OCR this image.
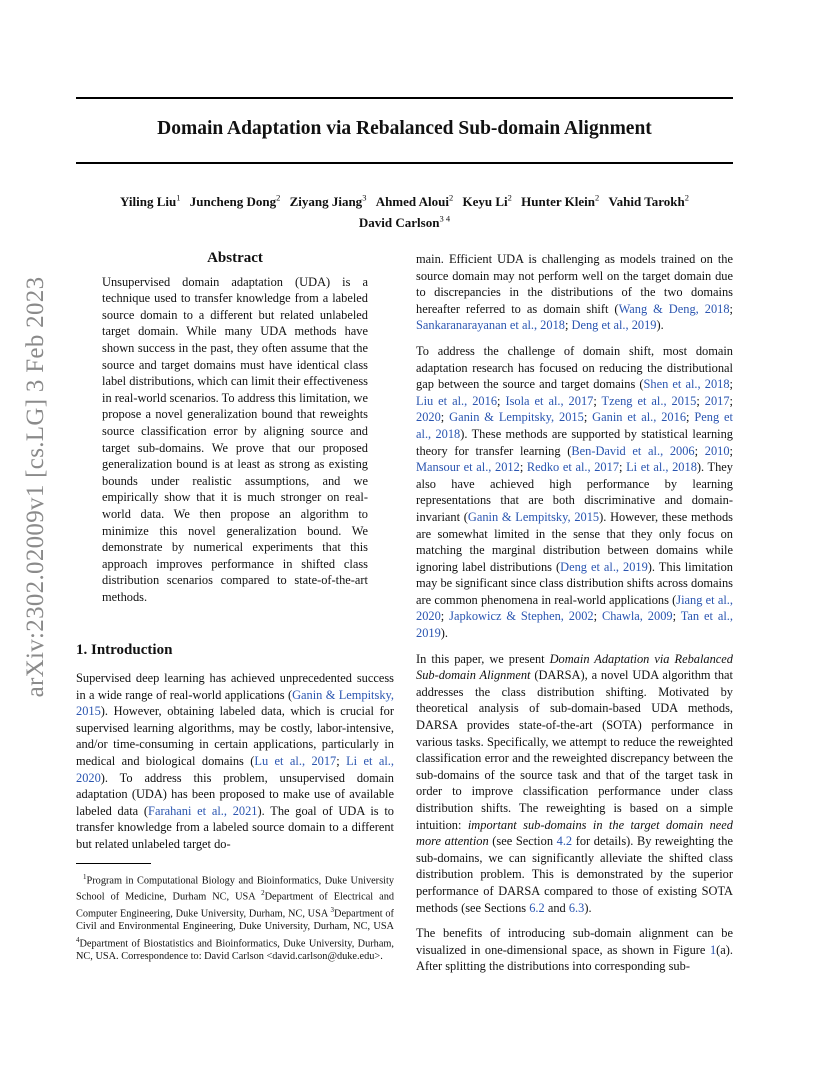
Domain Adaptation via Rebalanced Sub-domain Alignment
Yiling Liu$^1$ Juncheng Dong$^2$ Ziyang Jiang$^3$ Ahmed Aloui$^2$ Keyu Li$^2$ Hunter Klein$^2$ Vahid Tarokh$^2$
David Carlson$^{3 4}$
arXiv:2302.02009v1 [cs.LG] 3 Feb 2023
Abstract
Unsupervised domain adaptation (UDA) is a technique used to transfer knowledge from a labeled source domain to a different but related unlabeled target domain. While many UDA methods have shown success in the past, they often assume that the source and target domains must have identical class label distributions, which can limit their effectiveness in real-world scenarios. To address this limitation, we propose a novel generalization bound that reweights source classification error by aligning source and target sub-domains. We prove that our proposed generalization bound is at least as strong as existing bounds under realistic assumptions, and we empirically show that it is much stronger on real-world data. We then propose an algorithm to minimize this novel generalization bound. We demonstrate by numerical experiments that this approach improves performance in shifted class distribution scenarios compared to state-of-the-art methods.
1. Introduction

Supervised deep learning has achieved unprecedented success in a wide range of real-world applications (Ganin & Lempitsky, 2015). However, obtaining labeled data, which is crucial for supervised learning algorithms, may be costly, labor-intensive, and/or time-consuming in certain applications, particularly in medical and biological domains (Lu et al., 2017; Li et al., 2020). To address this problem, unsupervised domain adaptation (UDA) has been proposed to make use of available labeled data (Farahani et al., 2021). The goal of UDA is to transfer knowledge from a labeled source domain to a different but related unlabeled target do-

$^1$Program in Computational Biology and Bioinformatics, Duke University School of Medicine, Durham NC, USA $^2$Department of Electrical and Computer Engineering, Duke University, Durham, NC, USA $^3$Department of Civil and Environmental Engineering, Duke University, Durham, NC, USA $^4$Department of Biostatistics and Bioinformatics, Duke University, Durham, NC, USA. Correspondence to: David Carlson <david.carlson@duke.edu>.

main. Efficient UDA is challenging as models trained on the source domain may not perform well on the target domain due to discrepancies in the distributions of the two domains hereafter referred to as domain shift (Wang & Deng, 2018; Sankaranarayanan et al., 2018; Deng et al., 2019).

To address the challenge of domain shift, most domain adaptation research has focused on reducing the distributional gap between the source and target domains (Shen et al., 2018; Liu et al., 2016; Isola et al., 2017; Tzeng et al., 2015; 2017; 2020; Ganin & Lempitsky, 2015; Ganin et al., 2016; Peng et al., 2018). These methods are supported by statistical learning theory for transfer learning (Ben-David et al., 2006; 2010; Mansour et al., 2012; Redko et al., 2017; Li et al., 2018). They also have achieved high performance by learning representations that are both discriminative and domain-invariant (Ganin & Lempitsky, 2015). However, these methods are somewhat limited in the sense that they only focus on matching the marginal distribution between domains while ignoring label distributions (Deng et al., 2019). This limitation may be significant since class distribution shifts across domains are common phenomena in real-world applications (Jiang et al., 2020; Japkowicz & Stephen, 2002; Chawla, 2009; Tan et al., 2019).

In this paper, we present Domain Adaptation via Rebalanced Sub-domain Alignment (DARSA), a novel UDA algorithm that addresses the class distribution shifting. Motivated by theoretical analysis of sub-domain-based UDA methods, DARSA provides state-of-the-art (SOTA) performance in various tasks. Specifically, we attempt to reduce the reweighted classification error and the reweighted discrepancy between the sub-domains of the source task and that of the target task in order to improve classification performance under class distribution shifts. The reweighting is based on a simple intuition: important sub-domains in the target domain need more attention (see Section 4.2 for details). By reweighting the sub-domains, we can significantly alleviate the shifted class distribution problem. This is demonstrated by the superior performance of DARSA compared to those of existing SOTA methods (see Sections 6.2 and 6.3).

The benefits of introducing sub-domain alignment can be visualized in one-dimensional space, as shown in Figure 1(a). After splitting the distributions into corresponding sub-
